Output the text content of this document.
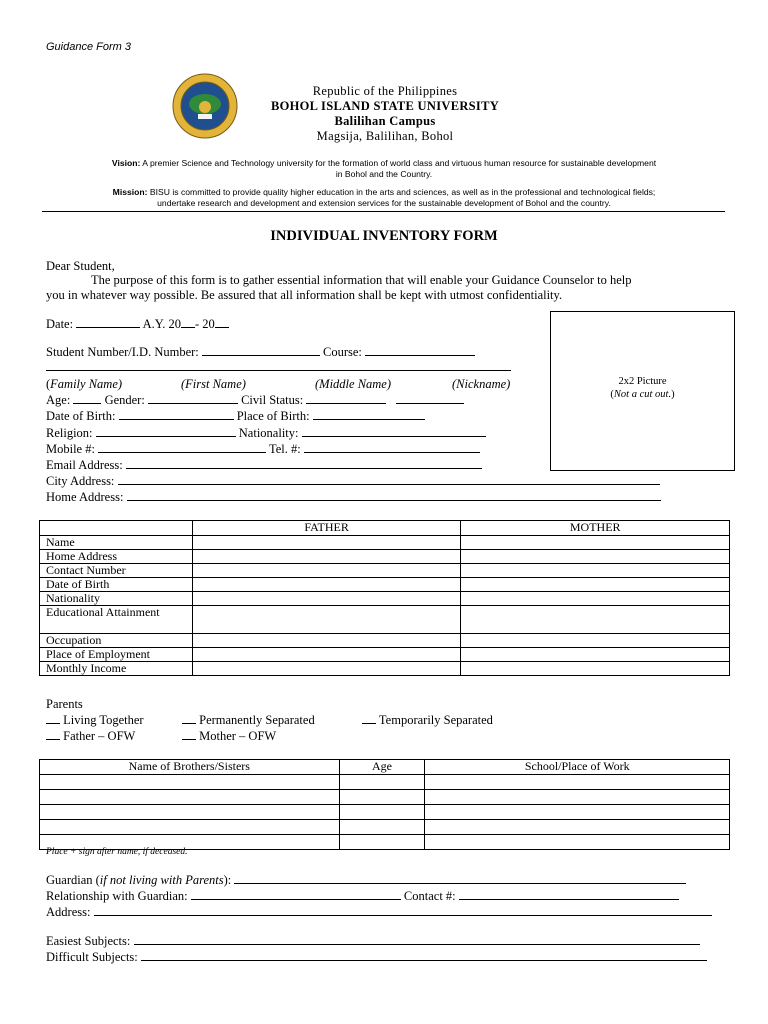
Guidance Form 3
Republic of the Philippines
BOHOL ISLAND STATE UNIVERSITY
Balilihan Campus
Magsija, Balilihan, Bohol
Vision: A premier Science and Technology university for the formation of world class and virtuous human resource for sustainable development
in Bohol and the Country.
Mission: BISU is committed to provide quality higher education in the arts and sciences, as well as in the professional and technological fields;
undertake research and development and extension services for the sustainable development of Bohol and the country.
INDIVIDUAL INVENTORY FORM
Dear Student,
The purpose of this form is to gather essential information that will enable your Guidance Counselor to help
you in whatever way possible. Be assured that all information shall be kept with utmost confidentiality.
2x2 Picture
(Not a cut out.)
Date:	A.Y. 20 - 20
Student Number/I.D. Number:	Course:
(Family Name)	(First Name)	(Middle Name)	(Nickname)
Age:	Gender:	Civil Status:
Date of Birth:	Place of Birth:
Religion:	Nationality:
Mobile #:	Tel. #:
Email Address:
City Address:
Home Address:
	FATHER	MOTHER
Name		
Home Address		
Contact Number		
Date of Birth		
Nationality		
Educational Attainment		
Occupation		
Place of Employment		
Monthly Income		
Parents
Living Together	Permanently Separated	Temporarily Separated
Father – OFW	Mother – OFW
Name of Brothers/Sisters	Age	School/Place of Work

Place + sign after name, if deceased.
Guardian (if not living with Parents):
Relationship with Guardian:	Contact #:
Address:
Easiest Subjects:
Difficult Subjects:
